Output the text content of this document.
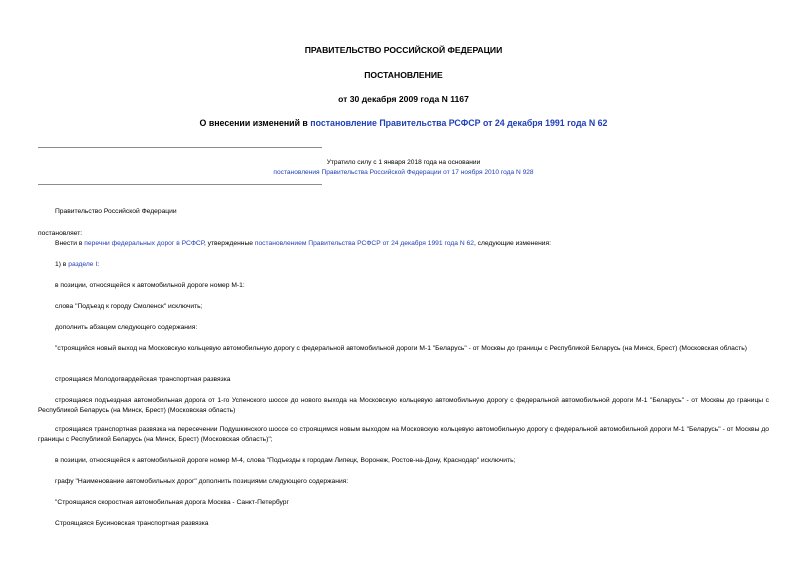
ПРАВИТЕЛЬСТВО РОССИЙСКОЙ ФЕДЕРАЦИИ
ПОСТАНОВЛЕНИЕ
от 30 декабря 2009 года N 1167
О внесении изменений в постановление Правительства РСФСР от 24 декабря 1991 года N 62
Утратило силу с 1 января 2018 года на основании
постановления Правительства Российской Федерации от 17 ноября 2010 года N 928
Правительство Российской Федерации
постановляет:
Внести в перечни федеральных дорог в РСФСР, утвержденные постановлением Правительства РСФСР от 24 декабря 1991 года N 62, следующие изменения:
1) в разделе I:
в позиции, относящейся к автомобильной дороге номер М-1:
слова "Подъезд к городу Смоленск" исключить;
дополнить абзацем следующего содержания:
"строящийся новый выход на Московскую кольцевую автомобильную дорогу с федеральной автомобильной дороги М-1 "Беларусь" - от Москвы до границы с Республикой Беларусь (на Минск, Брест) (Московская область)
строящаяся Молодогвардейская транспортная развязка
строящаяся подъездная автомобильная дорога от 1-го Успенского шоссе до нового выхода на Московскую кольцевую автомобильную дорогу с федеральной автомобильной дороги М-1 "Беларусь" - от Москвы до границы с Республикой Беларусь (на Минск, Брест) (Московская область)
строящаяся транспортная развязка на пересечении Подушкинского шоссе со строящимся новым выходом на Московскую кольцевую автомобильную дорогу с федеральной автомобильной дороги М-1 "Беларусь" - от Москвы до границы с Республикой Беларусь (на Минск, Брест) (Московская область)";
в позиции, относящейся к автомобильной дороге номер М-4, слова "Подъезды к городам Липецк, Воронеж, Ростов-на-Дону, Краснодар" исключить;
графу "Наименование автомобильных дорог" дополнить позициями следующего содержания:
"Строящаяся скоростная автомобильная дорога Москва - Санкт-Петербург
Строящаяся Бусиновская транспортная развязка
